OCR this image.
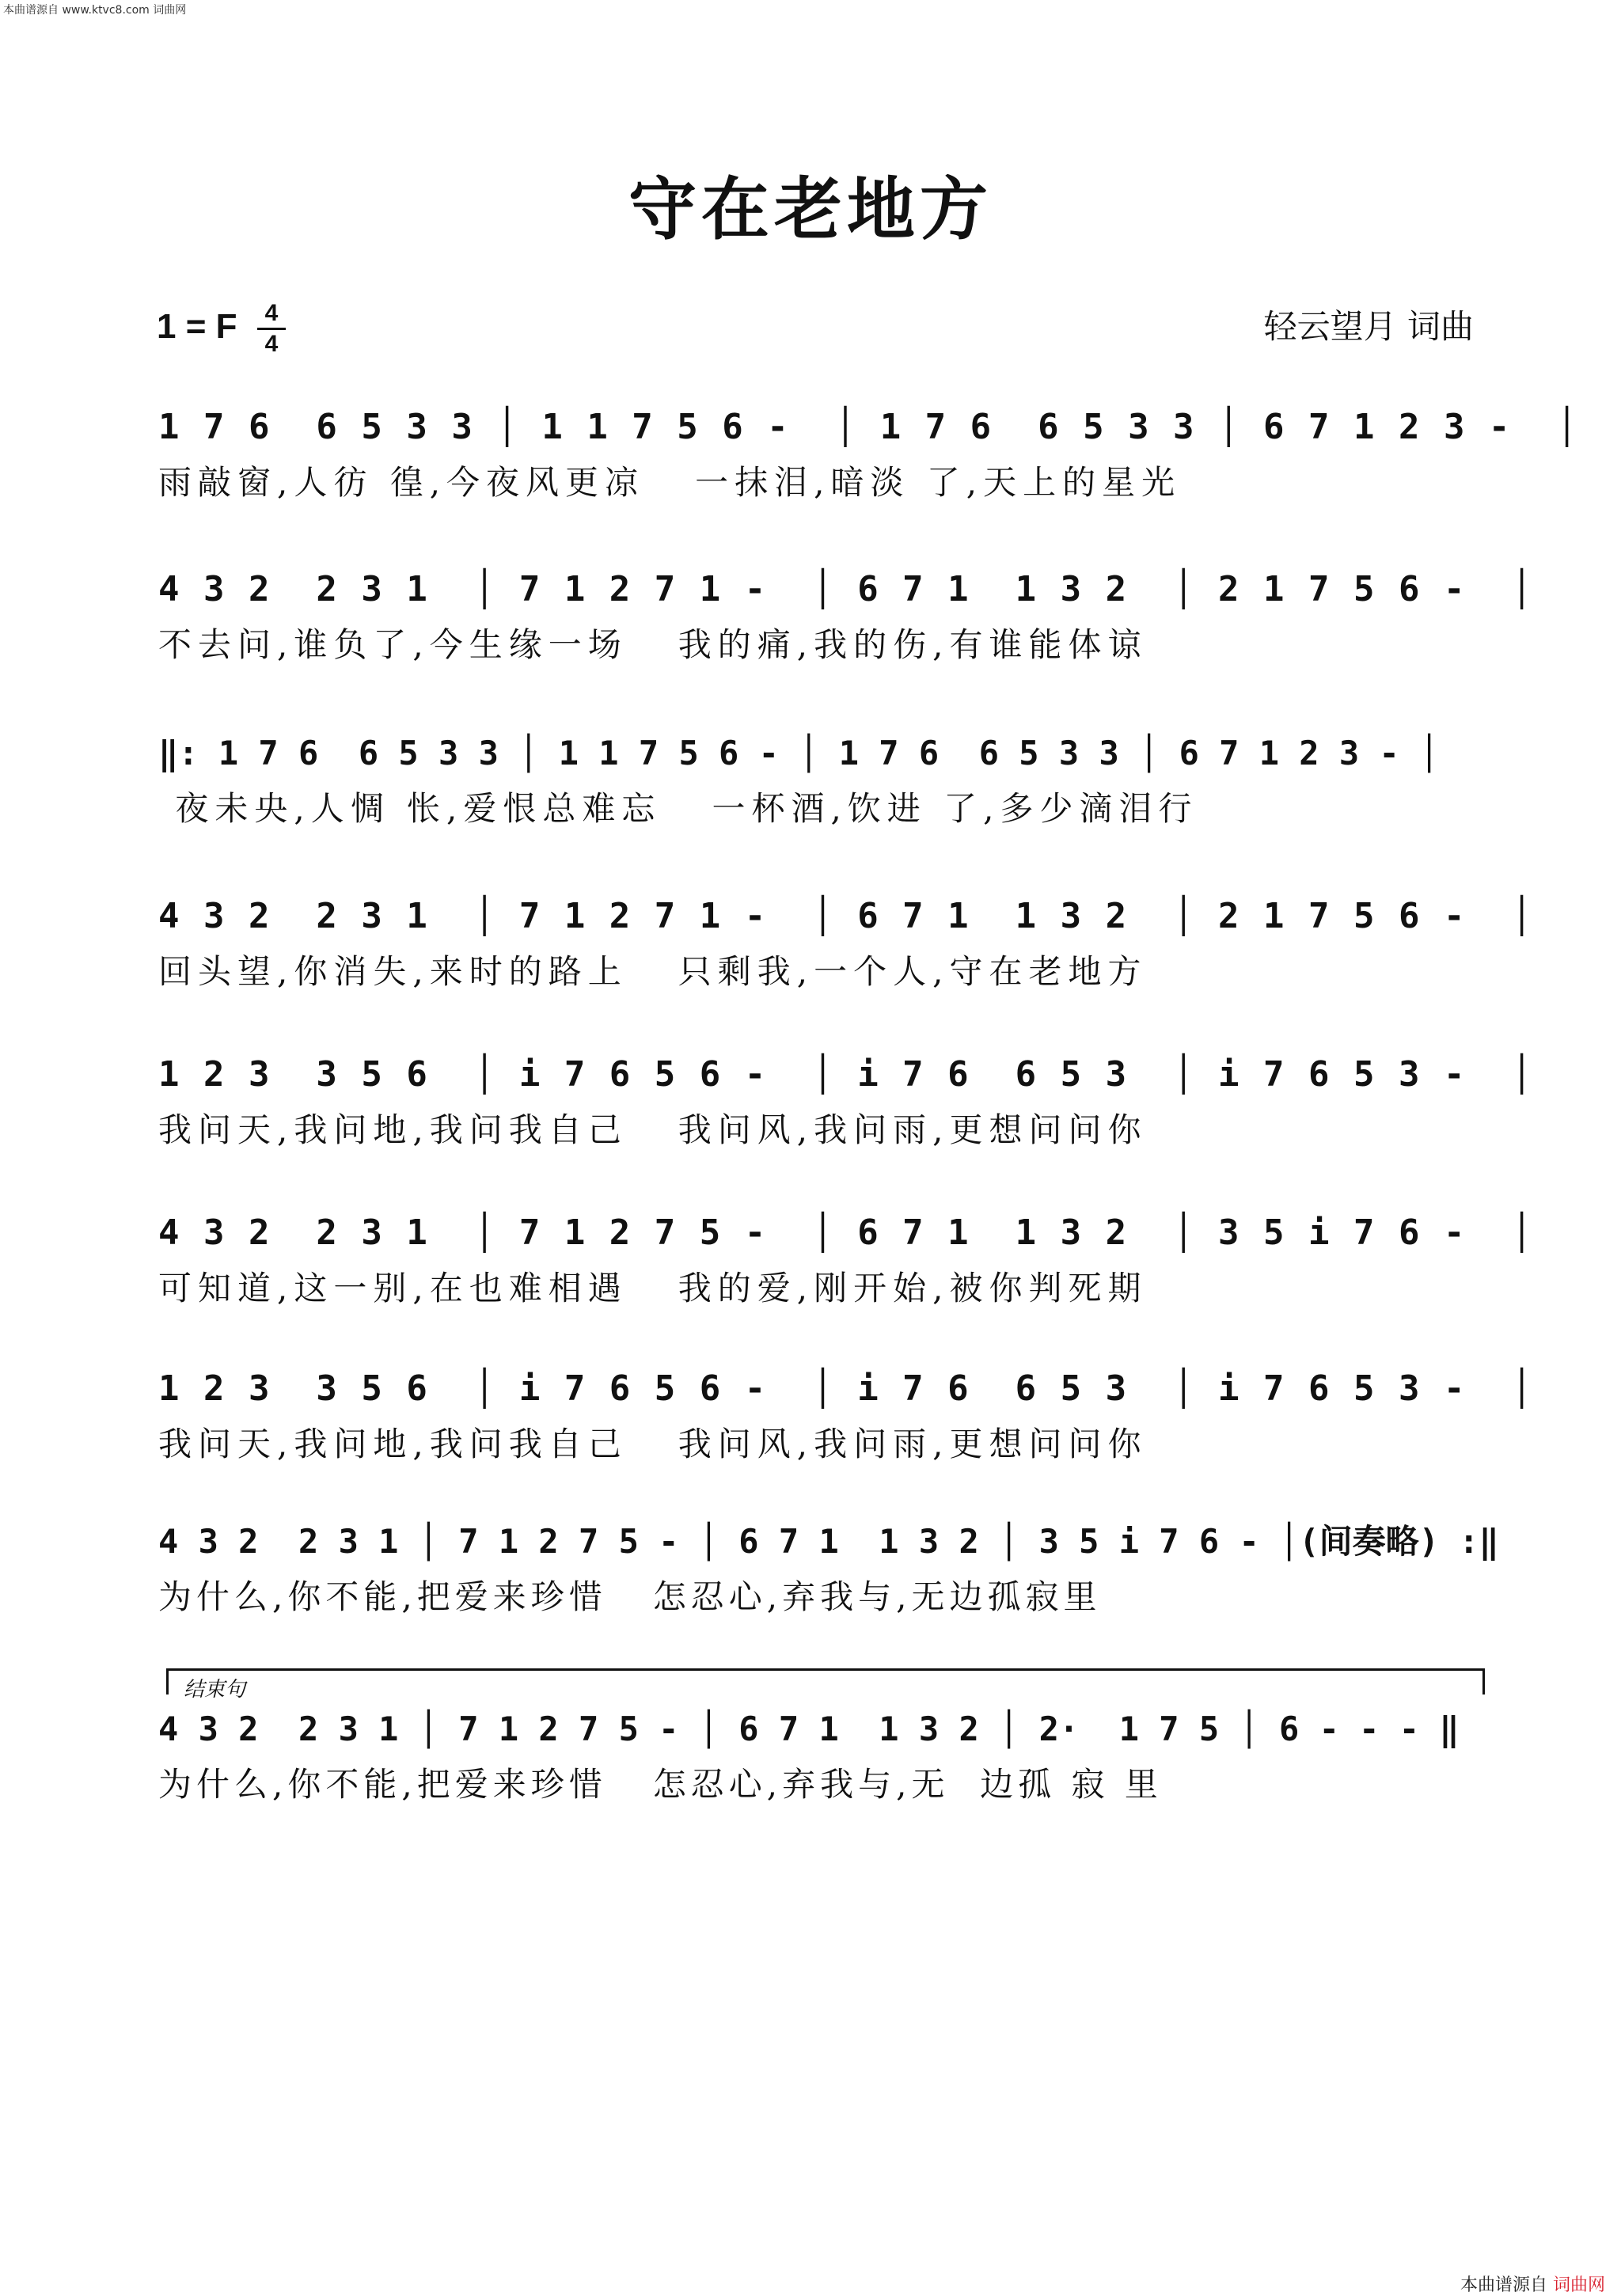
本曲谱源自 www.ktvc8.com 词曲网
守在老地方
1 = F	4
4	轻云望月 词曲
1 7 6  6 5 3 3 │ 1 1 7 5 6 -  │ 1 7 6  6 5 3 3 │ 6 7 1 2 3 -  │
雨敲窗,人彷 徨,今夜风更凉   一抹泪,暗淡 了,天上的星光
4 3 2  2 3 1  │ 7 1 2 7 1 -  │ 6 7 1  1 3 2  │ 2 1 7 5 6 -  │
不去问,谁负了,今生缘一场   我的痛,我的伤,有谁能体谅
‖: 1 7 6  6 5 3 3 │ 1 1 7 5 6 - │ 1 7 6  6 5 3 3 │ 6 7 1 2 3 - │
夜未央,人惆 怅,爱恨总难忘   一杯酒,饮进 了,多少滴泪行
4 3 2  2 3 1  │ 7 1 2 7 1 -  │ 6 7 1  1 3 2  │ 2 1 7 5 6 -  │
回头望,你消失,来时的路上   只剩我,一个人,守在老地方
1 2 3  3 5 6  │ i 7 6 5 6 -  │ i 7 6  6 5 3  │ i 7 6 5 3 -  │
我问天,我问地,我问我自己   我问风,我问雨,更想问问你
4 3 2  2 3 1  │ 7 1 2 7 5 -  │ 6 7 1  1 3 2  │ 3 5 i 7 6 -  │
可知道,这一别,在也难相遇   我的爱,刚开始,被你判死期
1 2 3  3 5 6  │ i 7 6 5 6 -  │ i 7 6  6 5 3  │ i 7 6 5 3 -  │
我问天,我问地,我问我自己   我问风,我问雨,更想问问你
4 3 2  2 3 1 │ 7 1 2 7 5 - │ 6 7 1  1 3 2 │ 3 5 i 7 6 - │(间奏略) :‖
为什么,你不能,把爱来珍惜   怎忍心,弃我与,无边孤寂里
结束句
4 3 2  2 3 1 │ 7 1 2 7 5 - │ 6 7 1  1 3 2 │ 2·  1 7 5 │ 6 - - - ‖
为什么,你不能,把爱来珍惜   怎忍心,弃我与,无  边孤 寂 里
本曲谱源自 词曲网
